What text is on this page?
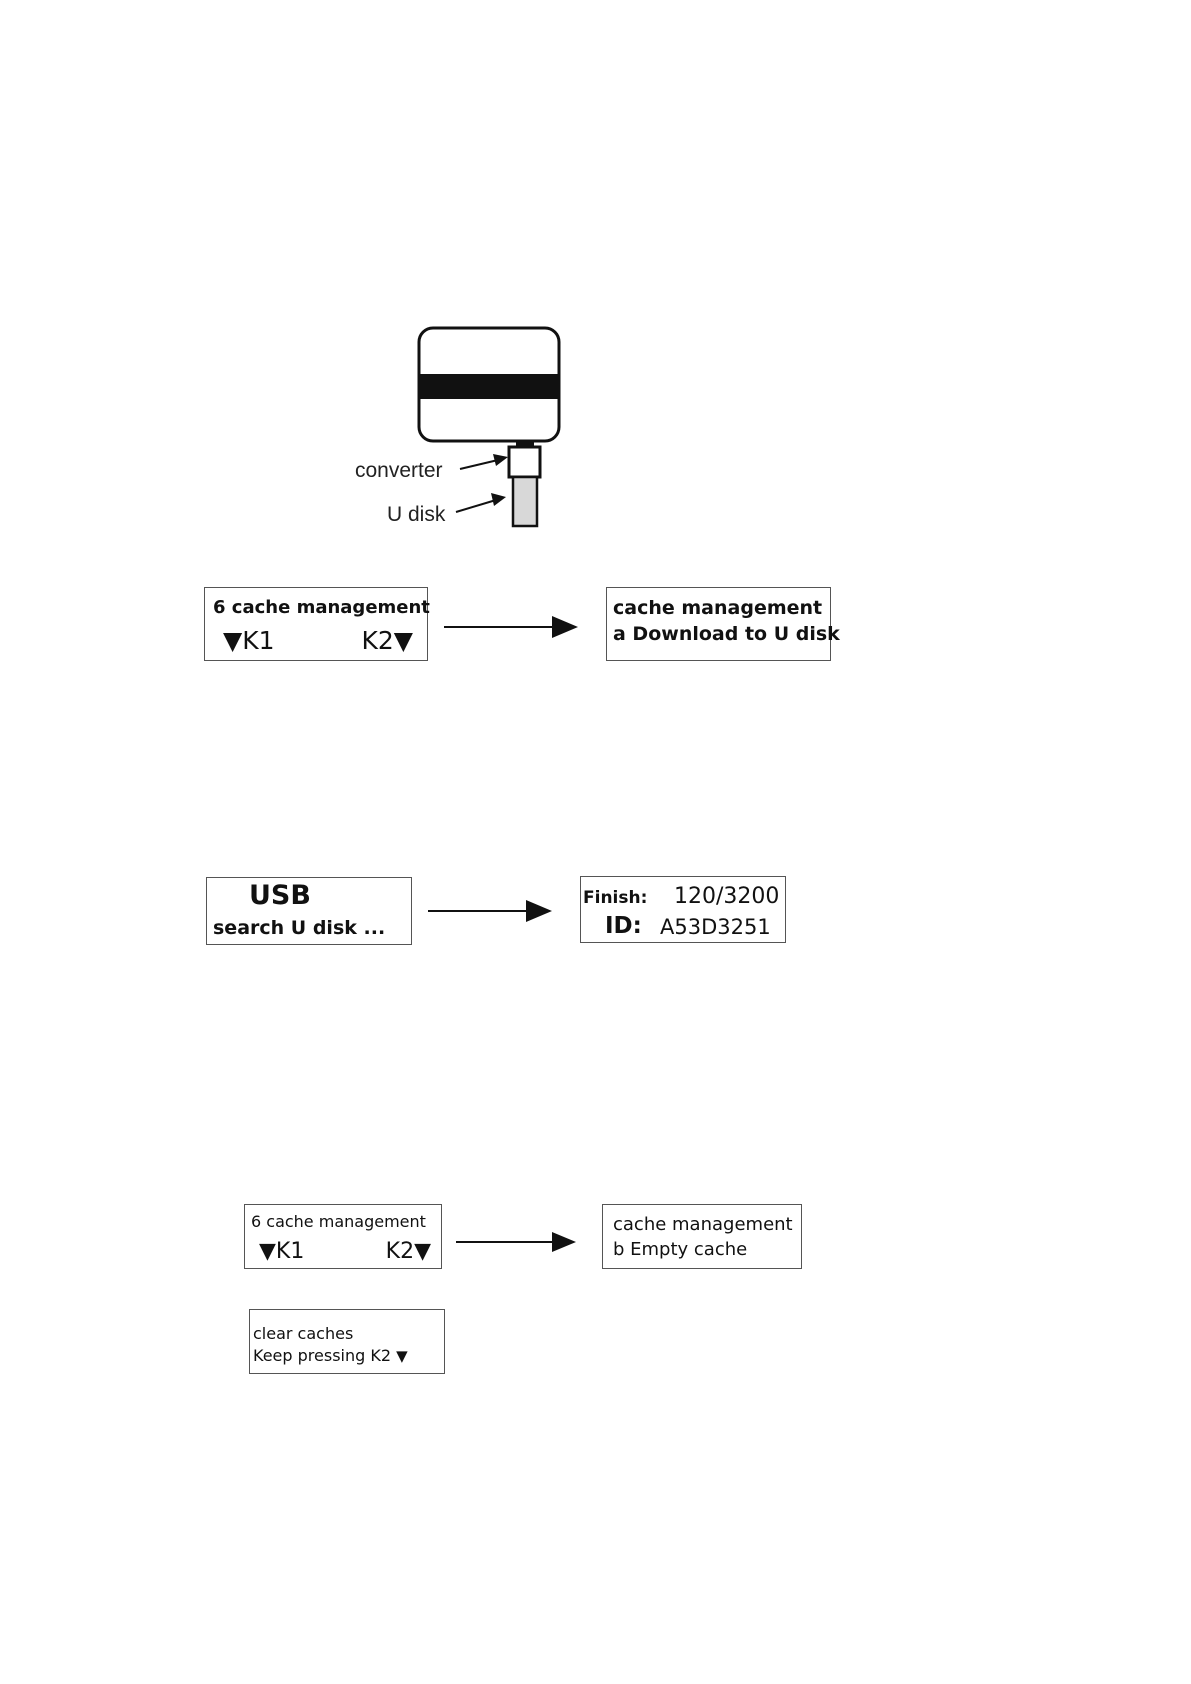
converter
U disk
6 cache management
▼K1	K2▼
cache management
a Download to U disk
USB
search U disk ...
Finish: 120/3200
ID: A53D3251
6 cache management
▼K1	K2▼
cache management
b Empty cache
clear caches
Keep pressing K2 ▼
